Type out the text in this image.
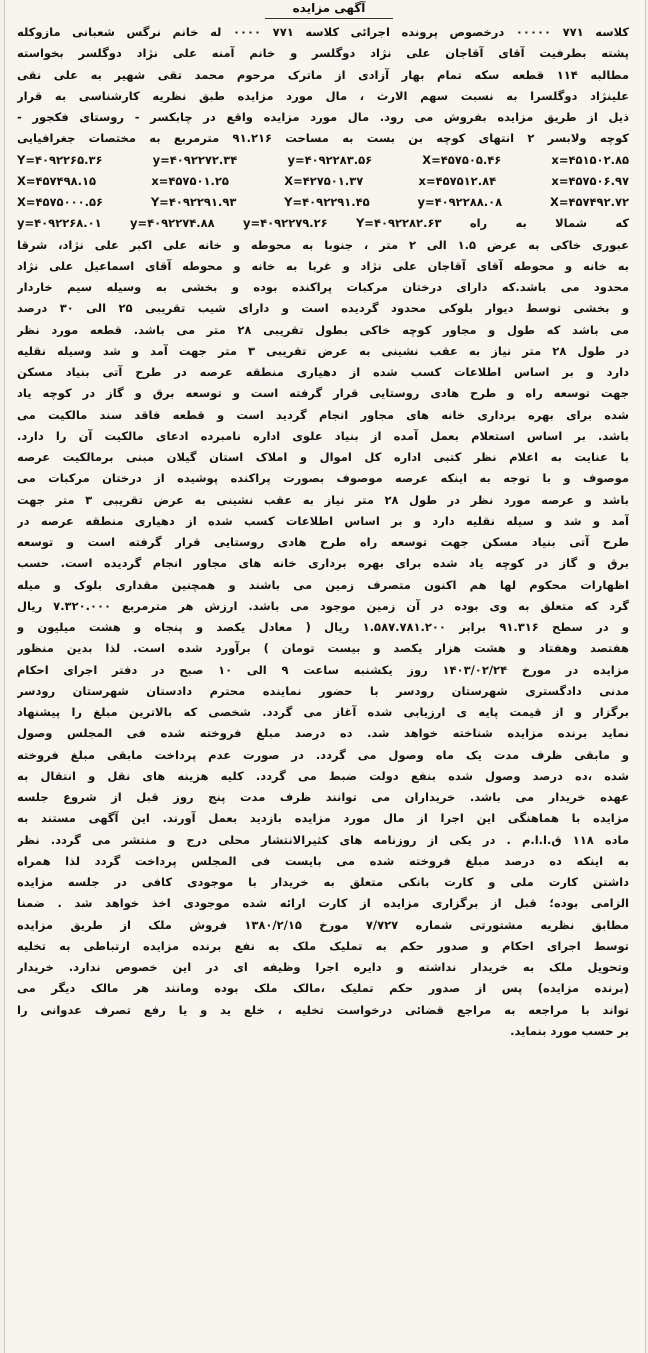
آگهی مزایده
کلاسه ۷۷۱ ۰۰۰۰۰ درخصوص پرونده اجرائی کلاسه ۷۷۱ ۰۰۰۰ له خانم نرگس شعبانی مازوکله
پشته بطرفیت آقای آقاجان علی نژاد دوگلسر و خانم آمنه علی نژاد دوگلسر بخواسته
مطالبه ۱۱۴ قطعه سکه تمام بهار آزادی از ماترک مرحوم محمد تقی شهیر به علی نقی
علینژاد دوگلسرا به نسبت سهم الارث ، مال مورد مزایده طبق نظریه کارشناسی به قرار
ذیل از طریق مزایده بفروش می رود. مال مورد مزایده واقع در چابکسر - روستای فکجور -
کوچه ولابسر ۲ انتهای کوچه بن بست به مساحت ۹۱.۲۱۶ مترمربع به مختصات جغرافیایی
Y=۴۰۹۲۲۶۵.۳۶ y=۴۰۹۲۲۷۲.۳۴ y=۴۰۹۲۲۸۳.۵۶ X=۴۵۷۵۰۵.۴۶ x=۴۵۱۵۰۲.۸۵
X=۴۵۷۴۹۸.۱۵ x=۴۵۷۵۰۱.۲۵ X=۴۲۷۵۰۱.۳۷ x=۴۵۷۵۱۲.۸۴ x=۴۵۷۵۰۶.۹۷
X=۴۵۷۵۰۰۰.۵۶ Y=۴۰۹۲۲۹۱.۹۳ Y=۴۰۹۲۲۹۱.۴۵ y=۴۰۹۲۲۸۸.۰۸ X=۴۵۷۴۹۲.۷۲
y=۴۰۹۲۲۶۸.۰۱ y=۴۰۹۲۲۷۴.۸۸ y=۴۰۹۲۲۷۹.۲۶ Y=۴۰۹۲۲۸۲.۶۳ که شمالا به راه
عبوری خاکی به عرض ۱.۵ الی ۲ متر ، جنوبا به محوطه و خانه علی اکبر علی نژاد، شرقا
به خانه و محوطه آقای آقاجان علی نژاد و غربا به خانه و محوطه آقای اسماعیل علی نژاد
محدود می باشد.که دارای درختان مرکبات پراکنده بوده و بخشی به وسیله سیم خاردار
و بخشی توسط دیوار بلوکی محدود گردیده است و دارای شیب تقریبی ۲۵ الی ۳۰ درصد
می باشد که طول و مجاور کوچه خاکی بطول تقریبی ۲۸ متر می باشد. قطعه مورد نظر
در طول ۲۸ متر نیاز به عقب نشینی به عرض تقریبی ۳ متر جهت آمد و شد وسیله نقلیه
دارد و بر اساس اطلاعات کسب شده از دهیاری منطقه عرصه در طرح آتی بنیاد مسکن
جهت توسعه راه و طرح هادی روستایی قرار گرفته است و توسعه برق و گاز در کوچه یاد
شده برای بهره برداری خانه های مجاور انجام گردید است و قطعه فاقد سند مالکیت می
باشد. بر اساس استعلام بعمل آمده از بنیاد علوی اداره نامبرده ادعای مالکیت آن را دارد.
با عنایت به اعلام نظر کتبی اداره کل اموال و املاک استان گیلان مبنی برمالکیت عرصه
موصوف و با توجه به اینکه عرصه موصوف بصورت پراکنده پوشیده از درختان مرکبات می
باشد و عرصه مورد نظر در طول ۲۸ متر نیاز به عقب نشینی به عرض تقریبی ۳ متر جهت
آمد و شد و سیله نقلیه دارد و بر اساس اطلاعات کسب شده از دهیاری منطقه عرصه در
طرح آتی بنیاد مسکن جهت توسعه راه طرح هادی روستایی قرار گرفته است و توسعه
برق و گاز در کوچه یاد شده برای بهره برداری خانه های مجاور انجام گردیده است. حسب
اظهارات محکوم لها هم اکنون متصرف زمین می باشند و همچنین مقداری بلوک و میله
گرد که متعلق به وی بوده در آن زمین موجود می باشد. ارزش هر مترمربع ۷.۳۲۰.۰۰۰ ریال
و در سطح ۹۱.۳۱۶ برابر ۱.۵۸۷.۷۸۱.۲۰۰ ریال ( معادل یکصد و پنجاه و هشت میلیون و
هفتصد وهفتاد و هشت هزار یکصد و بیست تومان ) برآورد شده است. لذا بدین منظور
مزایده در مورخ ۱۴۰۳/۰۲/۲۴ روز یکشنبه ساعت ۹ الی ۱۰ صبح در دفتر اجرای احکام
مدنی دادگستری شهرستان رودسر با حضور نماینده محترم دادستان شهرستان رودسر
برگزار و از قیمت پایه ی ارزیابی شده آغاز می گردد. شخصی که بالاترین مبلغ را پیشنهاد
نماید برنده مزایده شناخته خواهد شد. ده درصد مبلغ فروخته شده فی المجلس وصول
و مابقی ظرف مدت یک ماه وصول می گردد. در صورت عدم پرداخت مابقی مبلغ فروخته
شده ،ده درصد وصول شده بنفع دولت ضبط می گردد. کلیه هزینه های نقل و انتقال به
عهده خریدار می باشد. خریداران می توانند ظرف مدت پنج روز قبل از شروع جلسه
مزایده با هماهنگی این اجرا از مال مورد مزایده بازدید بعمل آورند. این آگهی مستند به
ماده ۱۱۸ ق.ا.ا.م . در یکی از روزنامه های کثیرالانتشار محلی درج و منتشر می گردد. نظر
به اینکه ده درصد مبلغ فروخته شده می بایست فی المجلس پرداخت گردد لذا همراه
داشتن کارت ملی و کارت بانکی متعلق به خریدار با موجودی کافی در جلسه مزایده
الزامی بوده؛ قبل از برگزاری مزایده از کارت ارائه شده موجودی اخذ خواهد شد . ضمنا
مطابق نظریه مشتورتی شماره ۷/۷۲۷ مورخ ۱۳۸۰/۲/۱۵ فروش ملک از طریق مزایده
توسط اجرای احکام و صدور حکم به تملیک ملک به نفع برنده مزایده ارتباطی به تخلیه
وتحویل ملک به خریدار نداشته و دایره اجرا وظیفه ای در این خصوص ندارد. خریدار
(برنده مزایده) پس از صدور حکم تملیک ،مالک ملک بوده ومانند هر مالک دیگر می
تواند با مراجعه به مراجع قضائی درخواست تخلیه ، خلع ید و یا رفع تصرف عدوانی را
بر حسب مورد بنماید.
